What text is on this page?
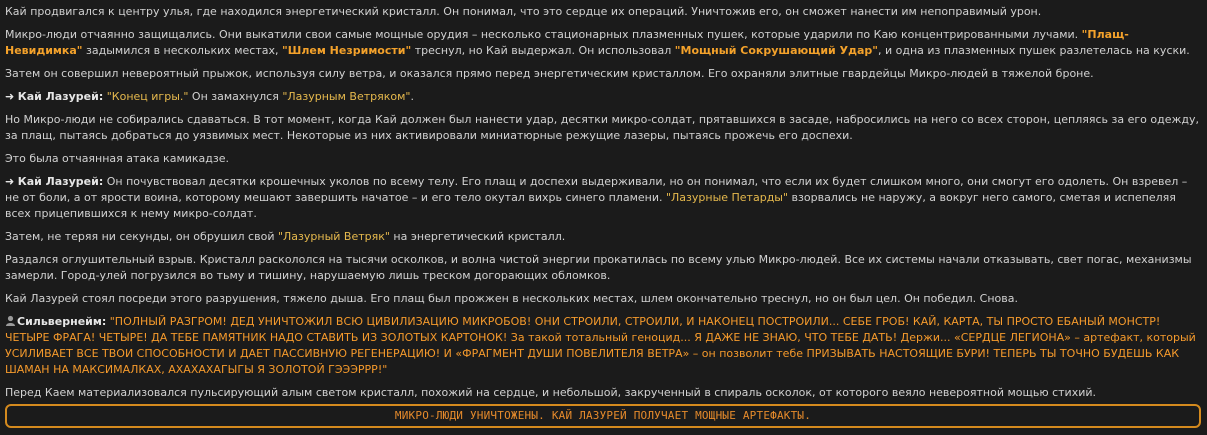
Кай продвигался к центру улья, где находился энергетический кристалл. Он понимал, что это сердце их операций. Уничтожив его, он сможет нанести им непоправимый урон.

Микро-люди отчаянно защищались. Они выкатили свои самые мощные орудия – несколько стационарных плазменных пушек, которые ударили по Каю концентрированными лучами. "Плащ-Невидимка" задымился в нескольких местах, "Шлем Незримости" треснул, но Кай выдержал. Он использовал "Мощный Сокрушающий Удар", и одна из плазменных пушек разлетелась на куски.

Затем он совершил невероятный прыжок, используя силу ветра, и оказался прямо перед энергетическим кристаллом. Его охраняли элитные гвардейцы Микро-людей в тяжелой броне.

➜ Кай Лазурей: "Конец игры." Он замахнулся "Лазурным Ветряком".

Но Микро-люди не собирались сдаваться. В тот момент, когда Кай должен был нанести удар, десятки микро-солдат, прятавшихся в засаде, набросились на него со всех сторон, цепляясь за его одежду, за плащ, пытаясь добраться до уязвимых мест. Некоторые из них активировали миниатюрные режущие лазеры, пытаясь прожечь его доспехи.

Это была отчаянная атака камикадзе.

➜ Кай Лазурей: Он почувствовал десятки крошечных уколов по всему телу. Его плащ и доспехи выдерживали, но он понимал, что если их будет слишком много, они смогут его одолеть. Он взревел – не от боли, а от ярости воина, которому мешают завершить начатое – и его тело окутал вихрь синего пламени. "Лазурные Петарды" взорвались не наружу, а вокруг него самого, сметая и испепеляя всех прицепившихся к нему микро-солдат.

Затем, не теряя ни секунды, он обрушил свой "Лазурный Ветряк" на энергетический кристалл.

Раздался оглушительный взрыв. Кристалл раскололся на тысячи осколков, и волна чистой энергии прокатилась по всему улью Микро-людей. Все их системы начали отказывать, свет погас, механизмы замерли. Город-улей погрузился во тьму и тишину, нарушаемую лишь треском догорающих обломков.

Кай Лазурей стоял посреди этого разрушения, тяжело дыша. Его плащ был прожжен в нескольких местах, шлем окончательно треснул, но он был цел. Он победил. Снова.

Сильвернейм: "ПОЛНЫЙ РАЗГРОМ! ДЕД УНИЧТОЖИЛ ВСЮ ЦИВИЛИЗАЦИЮ МИКРОБОВ! ОНИ СТРОИЛИ, СТРОИЛИ, И НАКОНЕЦ ПОСТРОИЛИ... СЕБЕ ГРОБ! КАЙ, КАРТА, ТЫ ПРОСТО ЕБАНЫЙ МОНСТР! ЧЕТЫРЕ ФРАГА! ЧЕТЫРЕ! ДА ТЕБЕ ПАМЯТНИК НАДО СТАВИТЬ ИЗ ЗОЛОТЫХ КАРТОНОК! За такой тотальный геноцид... Я ДАЖЕ НЕ ЗНАЮ, ЧТО ТЕБЕ ДАТЬ! Держи... «СЕРДЦЕ ЛЕГИОНА» – артефакт, который УСИЛИВАЕТ ВСЕ ТВОИ СПОСОБНОСТИ И ДАЕТ ПАССИВНУЮ РЕГЕНЕРАЦИЮ! И «ФРАГМЕНТ ДУШИ ПОВЕЛИТЕЛЯ ВЕТРА» – он позволит тебе ПРИЗЫВАТЬ НАСТОЯЩИЕ БУРИ! ТЕПЕРЬ ТЫ ТОЧНО БУДЕШЬ КАК ШАМАН НА МАКСИМАЛКАХ, АХАХАХАГЫГЫ Я ЗОЛОТОЙ ГЭЭЭРРР!"

Перед Каем материализовался пульсирующий алым светом кристалл, похожий на сердце, и небольшой, закрученный в спираль осколок, от которого веяло невероятной мощью стихий.

МИКРО-ЛЮДИ УНИЧТОЖЕНЫ. КАЙ ЛАЗУРЕЙ ПОЛУЧАЕТ МОЩНЫЕ АРТЕФАКТЫ.
